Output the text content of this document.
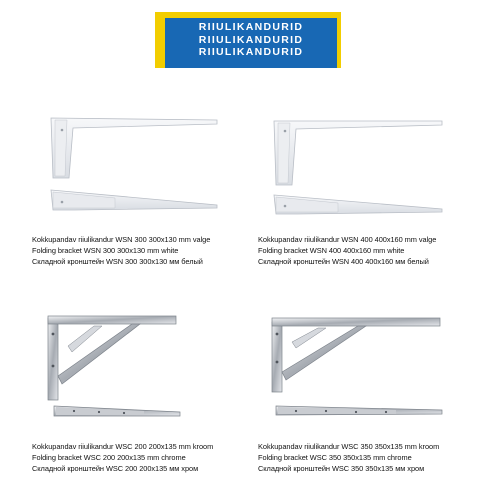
RIIULIKANDURID
RIIULIKANDURID
RIIULIKANDURID
Kokkupandav riiulikandur WSN 300 300x130 mm valge
Folding bracket WSN 300 300x130 mm white
Складной кронштейн WSN 300 300x130 мм белый
Kokkupandav riiulikandur WSN 400 400x160 mm valge
Folding bracket WSN 400 400x160 mm white
Складной кронштейн WSN 400 400x160 мм белый
Kokkupandav riiulikandur WSC 200 200x135 mm kroom
Folding bracket WSC 200 200x135 mm chrome
Складной кронштейн WSC 200 200x135 мм хром
Kokkupandav riiulikandur WSC 350 350x135 mm kroom
Folding bracket WSC 350 350x135 mm chrome
Складной кронштейн WSC 350 350x135 мм хром
